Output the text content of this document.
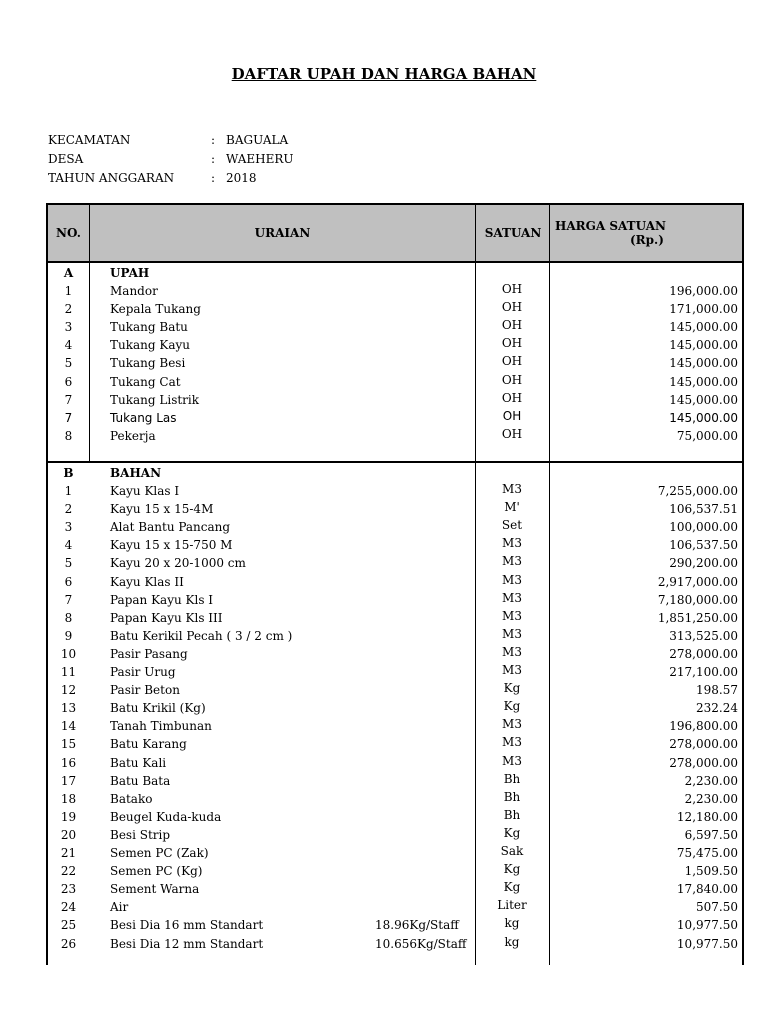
DAFTAR UPAH DAN HARGA BAHAN
KECAMATAN	: BAGUALA
DESA	: WAEHERU
TAHUN ANGGARAN	: 2018
NO.	URAIAN	SATUAN	HARGA SATUAN
(Rp.)
A	UPAH
1	Mandor	OH	196,000.00
2	Kepala Tukang	OH	171,000.00
3	Tukang Batu	OH	145,000.00
4	Tukang Kayu	OH	145,000.00
5	Tukang Besi	OH	145,000.00
6	Tukang Cat	OH	145,000.00
7	Tukang Listrik	OH	145,000.00
7	Tukang Las	OH	145,000.00
8	Pekerja	OH	75,000.00
B	BAHAN
1	Kayu Klas I	M3	7,255,000.00
2	Kayu 15 x 15-4M	M'	106,537.51
3	Alat Bantu Pancang	Set	100,000.00
4	Kayu 15 x 15-750 M	M3	106,537.50
5	Kayu 20 x 20-1000 cm	M3	290,200.00
6	Kayu Klas II	M3	2,917,000.00
7	Papan Kayu Kls I	M3	7,180,000.00
8	Papan Kayu Kls III	M3	1,851,250.00
9	Batu Kerikil Pecah ( 3 / 2 cm )	M3	313,525.00
10	Pasir Pasang	M3	278,000.00
11	Pasir Urug	M3	217,100.00
12	Pasir Beton	Kg	198.57
13	Batu Krikil (Kg)	Kg	232.24
14	Tanah Timbunan	M3	196,800.00
15	Batu Karang	M3	278,000.00
16	Batu Kali	M3	278,000.00
17	Batu Bata	Bh	2,230.00
18	Batako	Bh	2,230.00
19	Beugel Kuda-kuda	Bh	12,180.00
20	Besi Strip	Kg	6,597.50
21	Semen PC (Zak)	Sak	75,475.00
22	Semen PC (Kg)	Kg	1,509.50
23	Sement Warna	Kg	17,840.00
24	Air	Liter	507.50
25	Besi Dia 16 mm Standart	18.96Kg/Staff	kg	10,977.50
26	Besi Dia 12 mm Standart	10.656Kg/Staff	kg	10,977.50
